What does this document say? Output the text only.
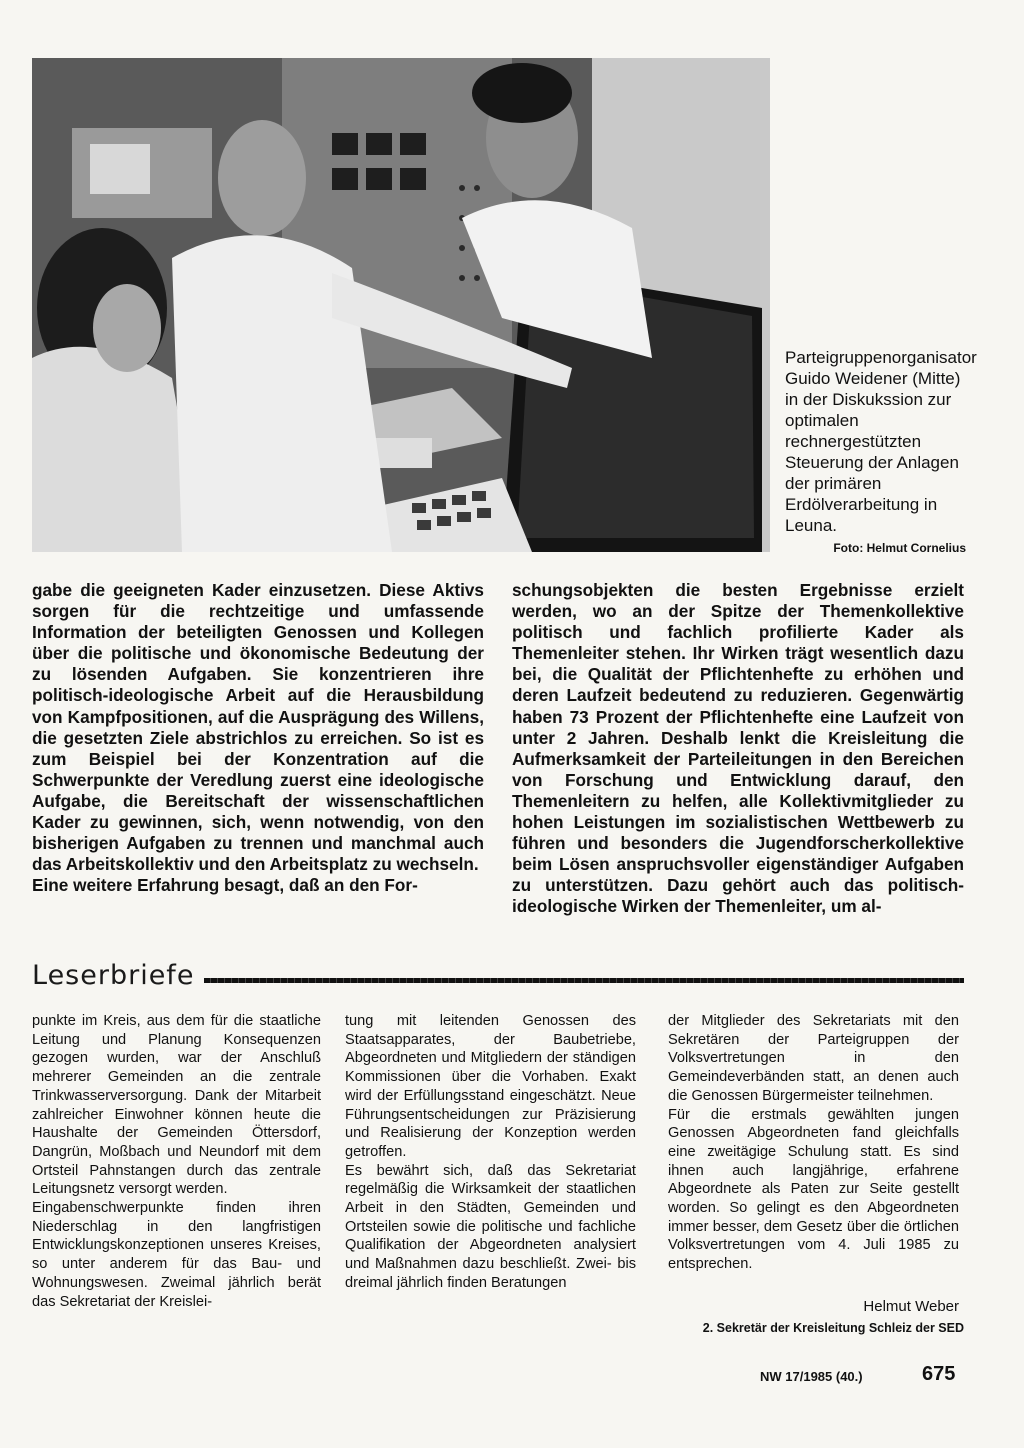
Parteigruppenorganisator Guido Weidener (Mitte) in der Diskukssion zur optimalen rechnergestützten Steuerung der Anlagen der primären Erdölverarbeitung in Leuna.
Foto: Helmut Cornelius

gabe die geeigneten Kader einzusetzen. Diese Aktivs sorgen für die rechtzeitige und umfassende Information der beteiligten Genossen und Kollegen über die politische und ökonomische Bedeutung der zu lösenden Aufgaben. Sie konzentrieren ihre politisch-ideologische Arbeit auf die Herausbildung von Kampfpositionen, auf die Ausprägung des Willens, die gesetzten Ziele abstrichlos zu erreichen. So ist es zum Beispiel bei der Konzentration auf die Schwerpunkte der Veredlung zuerst eine ideologische Aufgabe, die Bereitschaft der wissenschaftlichen Kader zu gewinnen, sich, wenn notwendig, von den bisherigen Aufgaben zu trennen und manchmal auch das Arbeitskollektiv und den Arbeitsplatz zu wechseln.

Eine weitere Erfahrung besagt, daß an den For-

schungsobjekten die besten Ergebnisse erzielt werden, wo an der Spitze der Themenkollektive politisch und fachlich profilierte Kader als Themenleiter stehen. Ihr Wirken trägt wesentlich dazu bei, die Qualität der Pflichtenhefte zu erhöhen und deren Laufzeit bedeutend zu reduzieren. Gegenwärtig haben 73 Prozent der Pflichtenhefte eine Laufzeit von unter 2 Jahren. Deshalb lenkt die Kreisleitung die Aufmerksamkeit der Parteileitungen in den Bereichen von Forschung und Entwicklung darauf, den Themenleitern zu helfen, alle Kollektivmitglieder zu hohen Leistungen im sozialistischen Wettbewerb zu führen und besonders die Jugendforscherkollektive beim Lösen anspruchsvoller eigenständiger Aufgaben zu unterstützen. Dazu gehört auch das politisch-ideologische Wirken der Themenleiter, um al-

Leserbriefe

punkte im Kreis, aus dem für die staatliche Leitung und Planung Konsequenzen gezogen wurden, war der Anschluß mehrerer Gemeinden an die zentrale Trinkwasserversorgung. Dank der Mitarbeit zahlreicher Einwohner können heute die Haushalte der Gemeinden Öttersdorf, Dangrün, Moßbach und Neundorf mit dem Ortsteil Pahnstangen durch das zentrale Leitungsnetz versorgt werden.

Eingabenschwerpunkte finden ihren Niederschlag in den langfristigen Entwicklungskonzeptionen unseres Kreises, so unter anderem für das Bau- und Wohnungswesen. Zweimal jährlich berät das Sekretariat der Kreislei-

tung mit leitenden Genossen des Staatsapparates, der Baubetriebe, Abgeordneten und Mitgliedern der ständigen Kommissionen über die Vorhaben. Exakt wird der Erfüllungsstand eingeschätzt. Neue Führungsentscheidungen zur Präzisierung und Realisierung der Konzeption werden getroffen.

Es bewährt sich, daß das Sekretariat regelmäßig die Wirksamkeit der staatlichen Arbeit in den Städten, Gemeinden und Ortsteilen sowie die politische und fachliche Qualifikation der Abgeordneten analysiert und Maßnahmen dazu beschließt. Zwei- bis dreimal jährlich finden Beratungen

der Mitglieder des Sekretariats mit den Sekretären der Parteigruppen der Volksvertretungen in den Gemeindeverbänden statt, an denen auch die Genossen Bürgermeister teilnehmen.

Für die erstmals gewählten jungen Genossen Abgeordneten fand gleichfalls eine zweitägige Schulung statt. Es sind ihnen auch langjährige, erfahrene Abgeordnete als Paten zur Seite gestellt worden. So gelingt es den Abgeordneten immer besser, dem Gesetz über die örtlichen Volksvertretungen vom 4. Juli 1985 zu entsprechen.

Helmut Weber
2. Sekretär der Kreisleitung Schleiz der SED
NW 17/1985 (40.)	675
